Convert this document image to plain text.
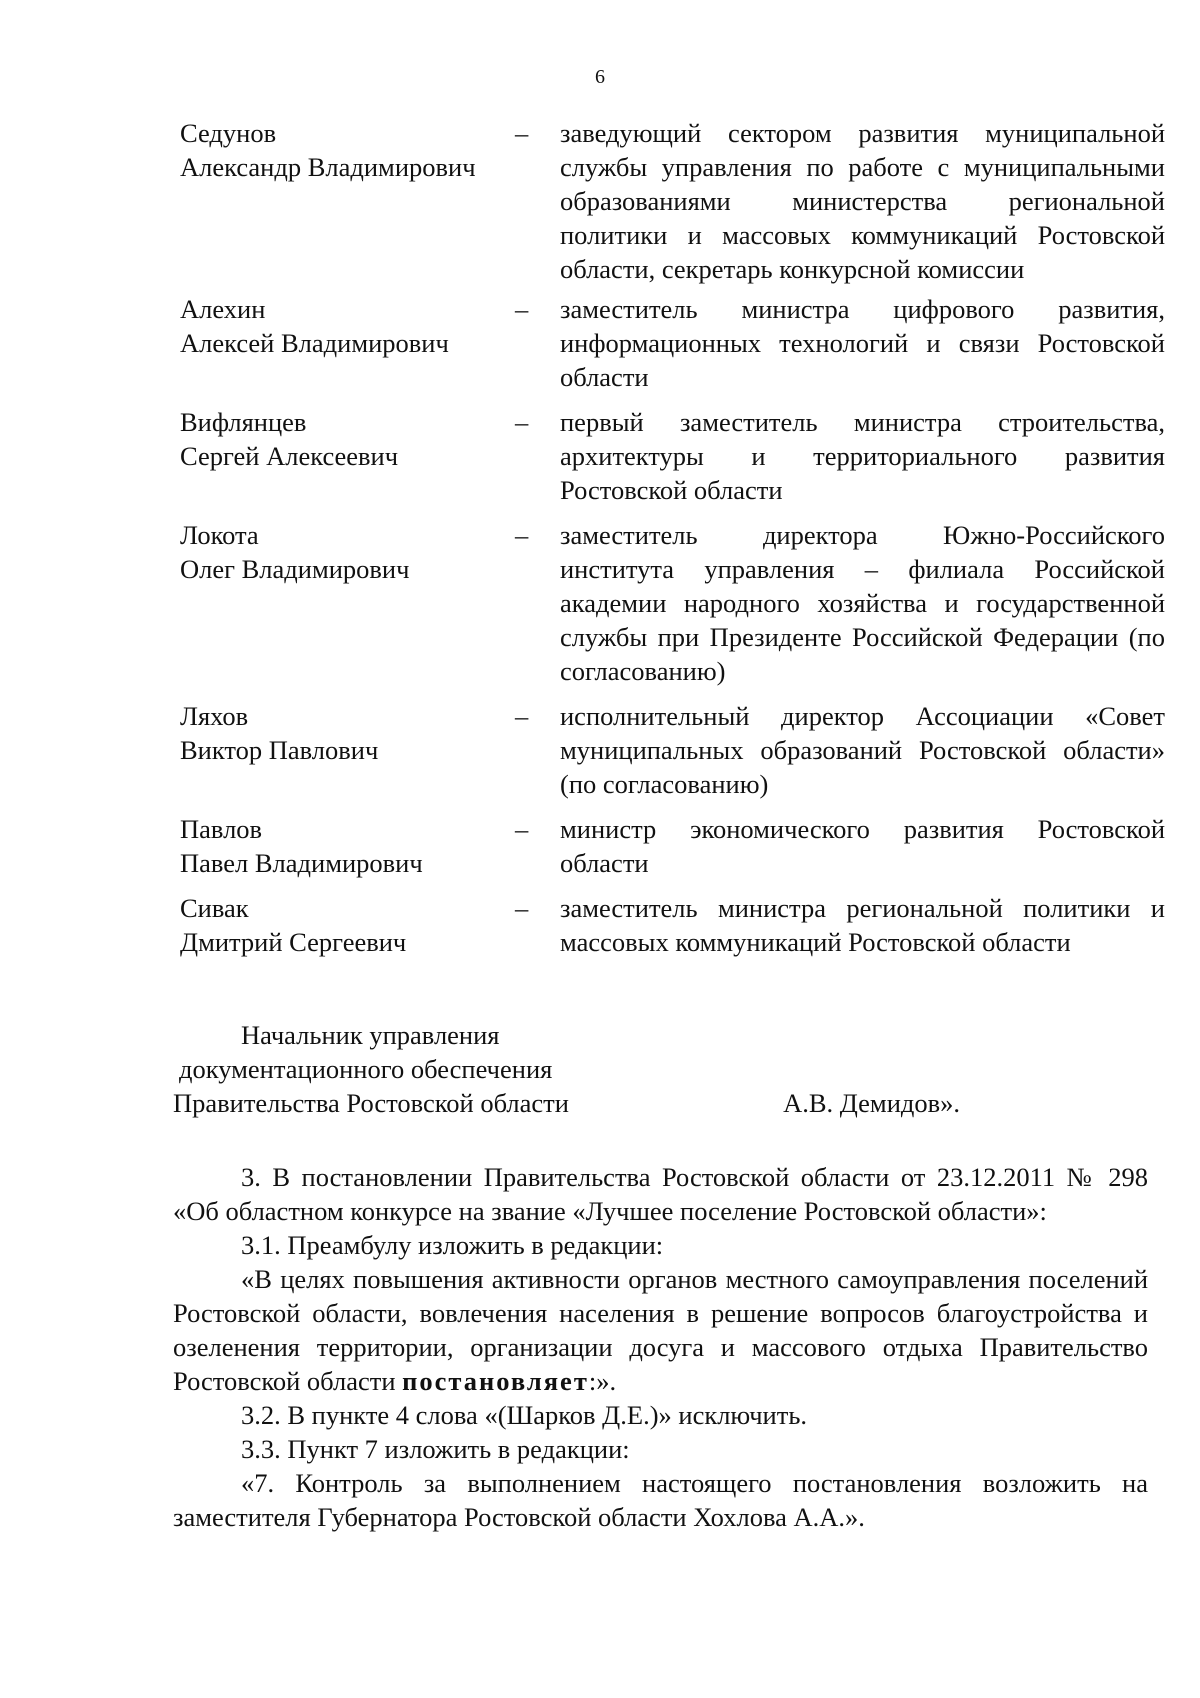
6
Седунов
Александр Владимирович
–	заведующий сектором развития муниципальной службы управления по работе с муниципальными образованиями министерства региональной политики и массовых коммуникаций Ростовской области, секретарь конкурсной комиссии
Алехин
Алексей Владимирович
–	заместитель министра цифрового развития, информационных технологий и связи Ростовской области
Вифлянцев
Сергей Алексеевич
–	первый заместитель министра строительства, архитектуры и территориального развития Ростовской области
Локота
Олег Владимирович
–	заместитель директора Южно-Российского института управления – филиала Российской академии народного хозяйства и государственной службы при Президенте Российской Федерации (по согласованию)
Ляхов
Виктор Павлович
–	исполнительный директор Ассоциации «Совет муниципальных образований Ростовской области» (по согласованию)
Павлов
Павел Владимирович
–	министр экономического развития Ростовской области
Сивак
Дмитрий Сергеевич
–	заместитель министра региональной политики и массовых коммуникаций Ростовской области
Начальник управления
документационного обеспечения
Правительства Ростовской области	А.В. Демидов».

3. В постановлении Правительства Ростовской области от 23.12.2011 № 298 «Об областном конкурсе на звание «Лучшее поселение Ростовской области»:

3.1. Преамбулу изложить в редакции:

«В целях повышения активности органов местного самоуправления поселений Ростовской области, вовлечения населения в решение вопросов благоустройства и озеленения территории, организации досуга и массового отдыха Правительство Ростовской области постановляет:».

3.2. В пункте 4 слова «(Шарков Д.Е.)» исключить.

3.3. Пункт 7 изложить в редакции:

«7. Контроль за выполнением настоящего постановления возложить на заместителя Губернатора Ростовской области Хохлова А.А.».
